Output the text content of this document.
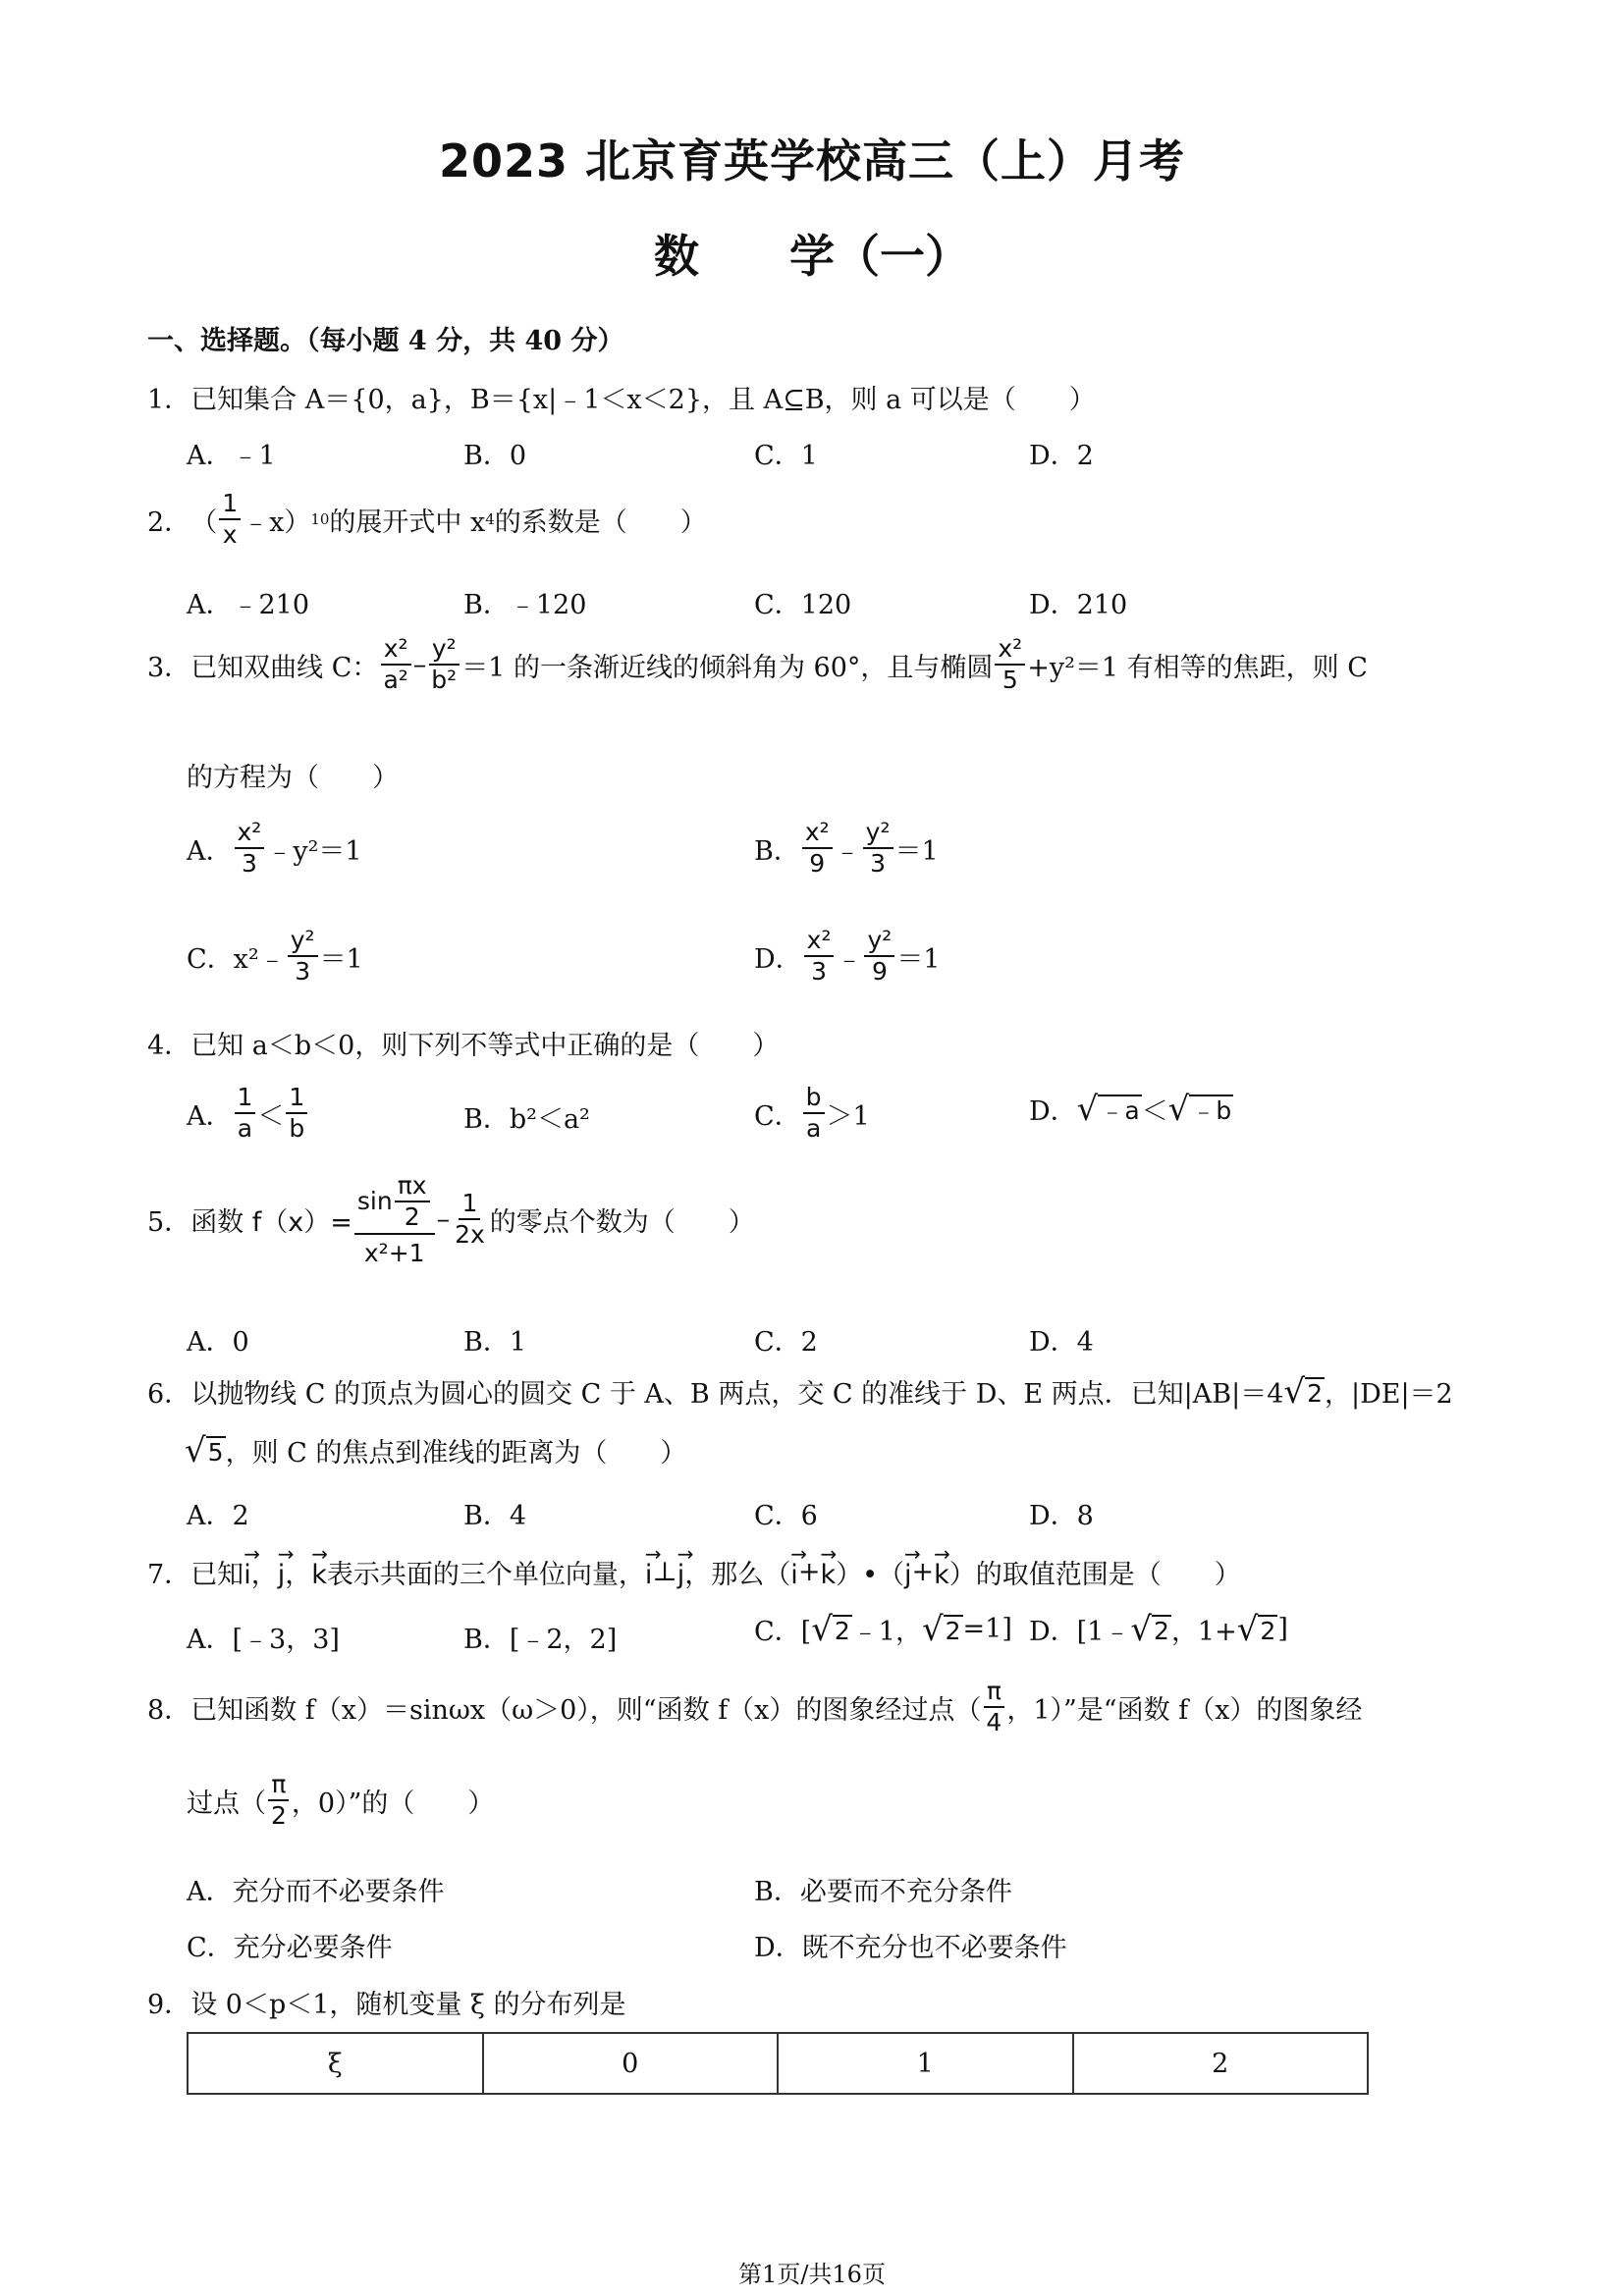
2023 北京育英学校高三（上）月考
数　　学（一）
一、选择题。（每小题 4 分，共 40 分）
1．已知集合 A＝{0，a}，B＝{x|﹣1＜x＜2}，且 A⊆B，则 a 可以是（　　）
A．﹣1	B．0	C．1	D．2
2． （ $\frac{1}{x}$ ﹣x） 10 的展开式中 x 4 的系数是（　　）
A．﹣210	B．﹣120	C．120	D．210
3． 已知双曲线 C： $\frac{\text{x²}}{\text{a²}} - \frac{\text{y²}}{\text{b²}} =1$ 的一条渐近线的倾斜角为 60°，且与椭圆 $\frac{\text{x²}}{5} +y^2=1$ 有相等的焦距，则 C
的方程为（　　）
A． $\frac{\text{x²}}{3}$ ﹣y²＝1	B． $\frac{\text{x²}}{9}$ ﹣ $\frac{\text{y²}}{3} =1$
C． x²﹣ $\frac{\text{y²}}{3} =1$	D． $\frac{\text{x²}}{3}$ ﹣ $\frac{\text{y²}}{9} =1$
4．已知 a＜b＜0，则下列不等式中正确的是（　　）
A． $\frac{1}{a} < \frac{1}{b}$	B．b²＜a²	C． $\frac{b}{a} >1$	D． √ ﹣a ＜ √ ﹣b
5． 函数 $f(x)= \frac{\sin \frac{\pi x}{2}}{\text{x²+1}} - \frac{1}{2x}$ 的零点个数为（　　）
A．0	B．1	C．2	D．4
6． 以抛物线 C 的顶点为圆心的圆交 C 于 A、B 两点，交 C 的准线于 D、E 两点．已知|AB|＝4 √ 2 ，|DE|＝2
√ 5 ，则 C 的焦点到准线的距离为（　　）
A．2	B．4	C．6	D．8
7． 已知 → i ， → j ， → k 表示共面的三个单位向量， → i ⊥ → j ，那么（ → i + → k ）•（ → j + → k ）的取值范围是（　　）
A．[﹣3，3]	B．[﹣2，2]	C．[ √ 2 ﹣1， √ 2 =1] D．[1﹣ √ 2 ，1+ √ 2 ]
8． 已知函数 f（x）＝sinωx（ω＞0），则“函数 f（x）的图象经过点（ $\frac{\pi}{4}$ ，1）”是“函数 f（x）的图象经
过点（ $\frac{\pi}{2}$ ，0）”的（　　）
A．充分而不必要条件	B．必要而不充分条件
C．充分必要条件	D．既不充分也不必要条件
9．设 0＜p＜1，随机变量 ξ 的分布列是
ξ	0	1	2
第1页/共16页
